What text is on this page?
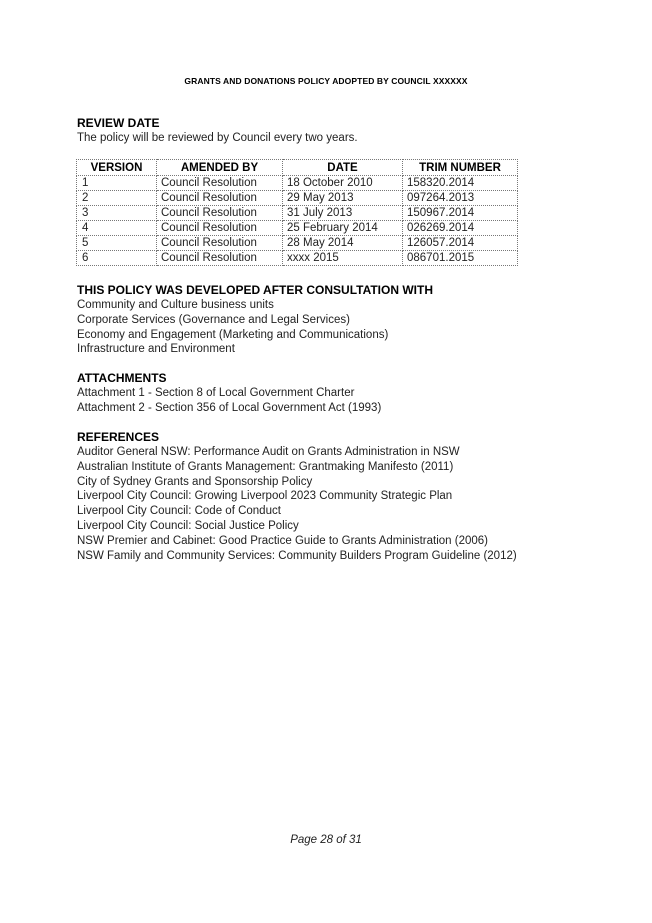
GRANTS AND DONATIONS POLICY ADOPTED BY COUNCIL XXXXXX
REVIEW DATE
The policy will be reviewed by Council every two years.
VERSION	AMENDED BY	DATE	TRIM NUMBER
1	Council Resolution	18 October 2010	158320.2014
2	Council Resolution	29 May 2013	097264.2013
3	Council Resolution	31 July 2013	150967.2014
4	Council Resolution	25 February 2014	026269.2014
5	Council Resolution	28 May 2014	126057.2014
6	Council Resolution	xxxx 2015	086701.2015
THIS POLICY WAS DEVELOPED AFTER CONSULTATION WITH
Community and Culture business units
Corporate Services (Governance and Legal Services)
Economy and Engagement (Marketing and Communications)
Infrastructure and Environment
ATTACHMENTS
Attachment 1 - Section 8 of Local Government Charter
Attachment 2 - Section 356 of Local Government Act (1993)
REFERENCES
Auditor General NSW: Performance Audit on Grants Administration in NSW
Australian Institute of Grants Management: Grantmaking Manifesto (2011)
City of Sydney Grants and Sponsorship Policy
Liverpool City Council: Growing Liverpool 2023 Community Strategic Plan
Liverpool City Council: Code of Conduct
Liverpool City Council: Social Justice Policy
NSW Premier and Cabinet: Good Practice Guide to Grants Administration (2006)
NSW Family and Community Services: Community Builders Program Guideline (2012)
Page 28 of 31
